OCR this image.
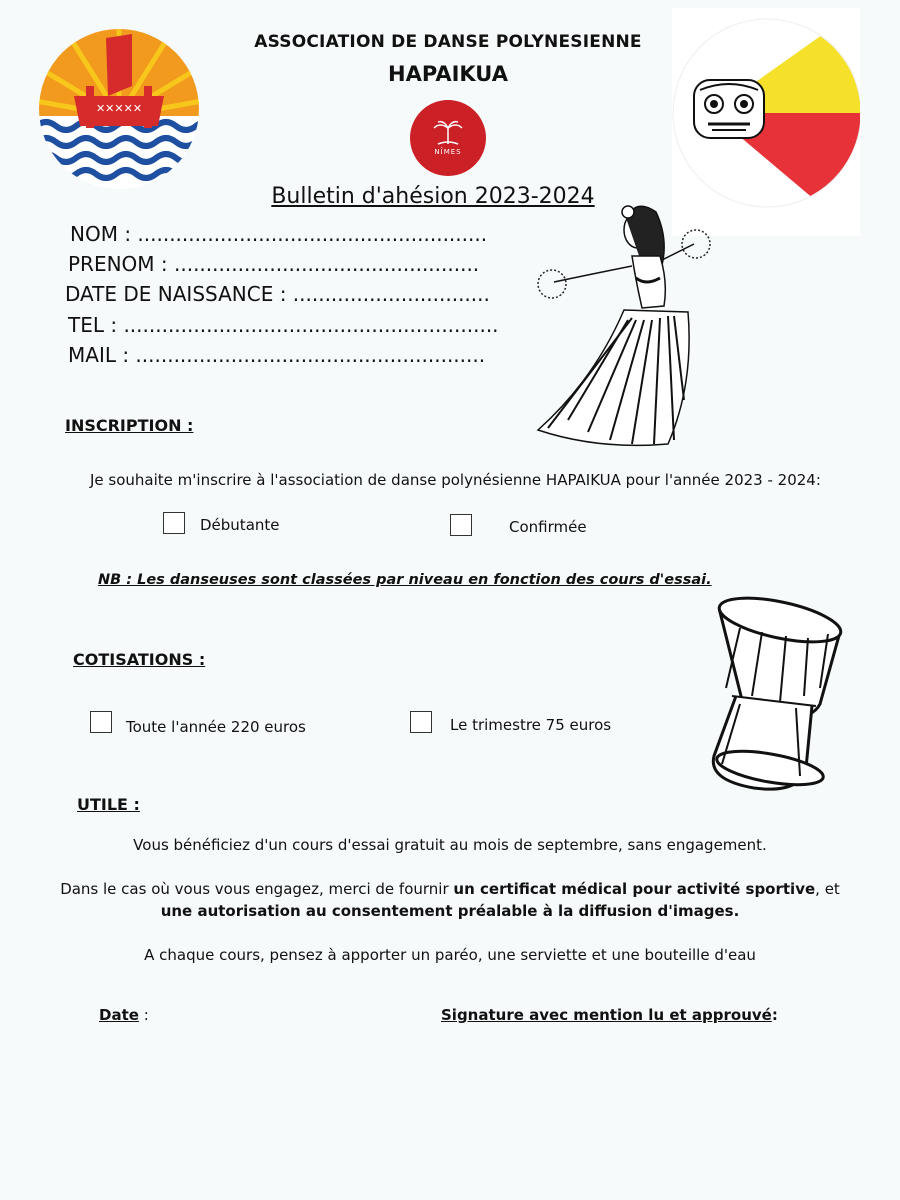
✕✕✕✕✕
ASSOCIATION DE DANSE POLYNESIENNE
HAPAIKUA
NÎMES
Bulletin d'ahésion 2023-2024
NOM : .......................................................
PRENOM : ................................................
DATE DE NAISSANCE : ...............................
TEL : ...........................................................
MAIL : .......................................................
INSCRIPTION :
Je souhaite m'inscrire à l'association de danse polynésienne HAPAIKUA pour l'année 2023 - 2024:
Débutante	Confirmée
NB : Les danseuses sont classées par niveau en fonction des cours d'essai.
COTISATIONS :
Toute l'année 220 euros	Le trimestre 75 euros
UTILE :
Vous bénéficiez d'un cours d'essai gratuit au mois de septembre, sans engagement.
Dans le cas où vous vous engagez, merci de fournir un certificat médical pour activité sportive, et
une autorisation au consentement préalable à la diffusion d'images.
A chaque cours, pensez à apporter un paréo, une serviette et une bouteille d'eau
Date :	Signature avec mention lu et approuvé:
